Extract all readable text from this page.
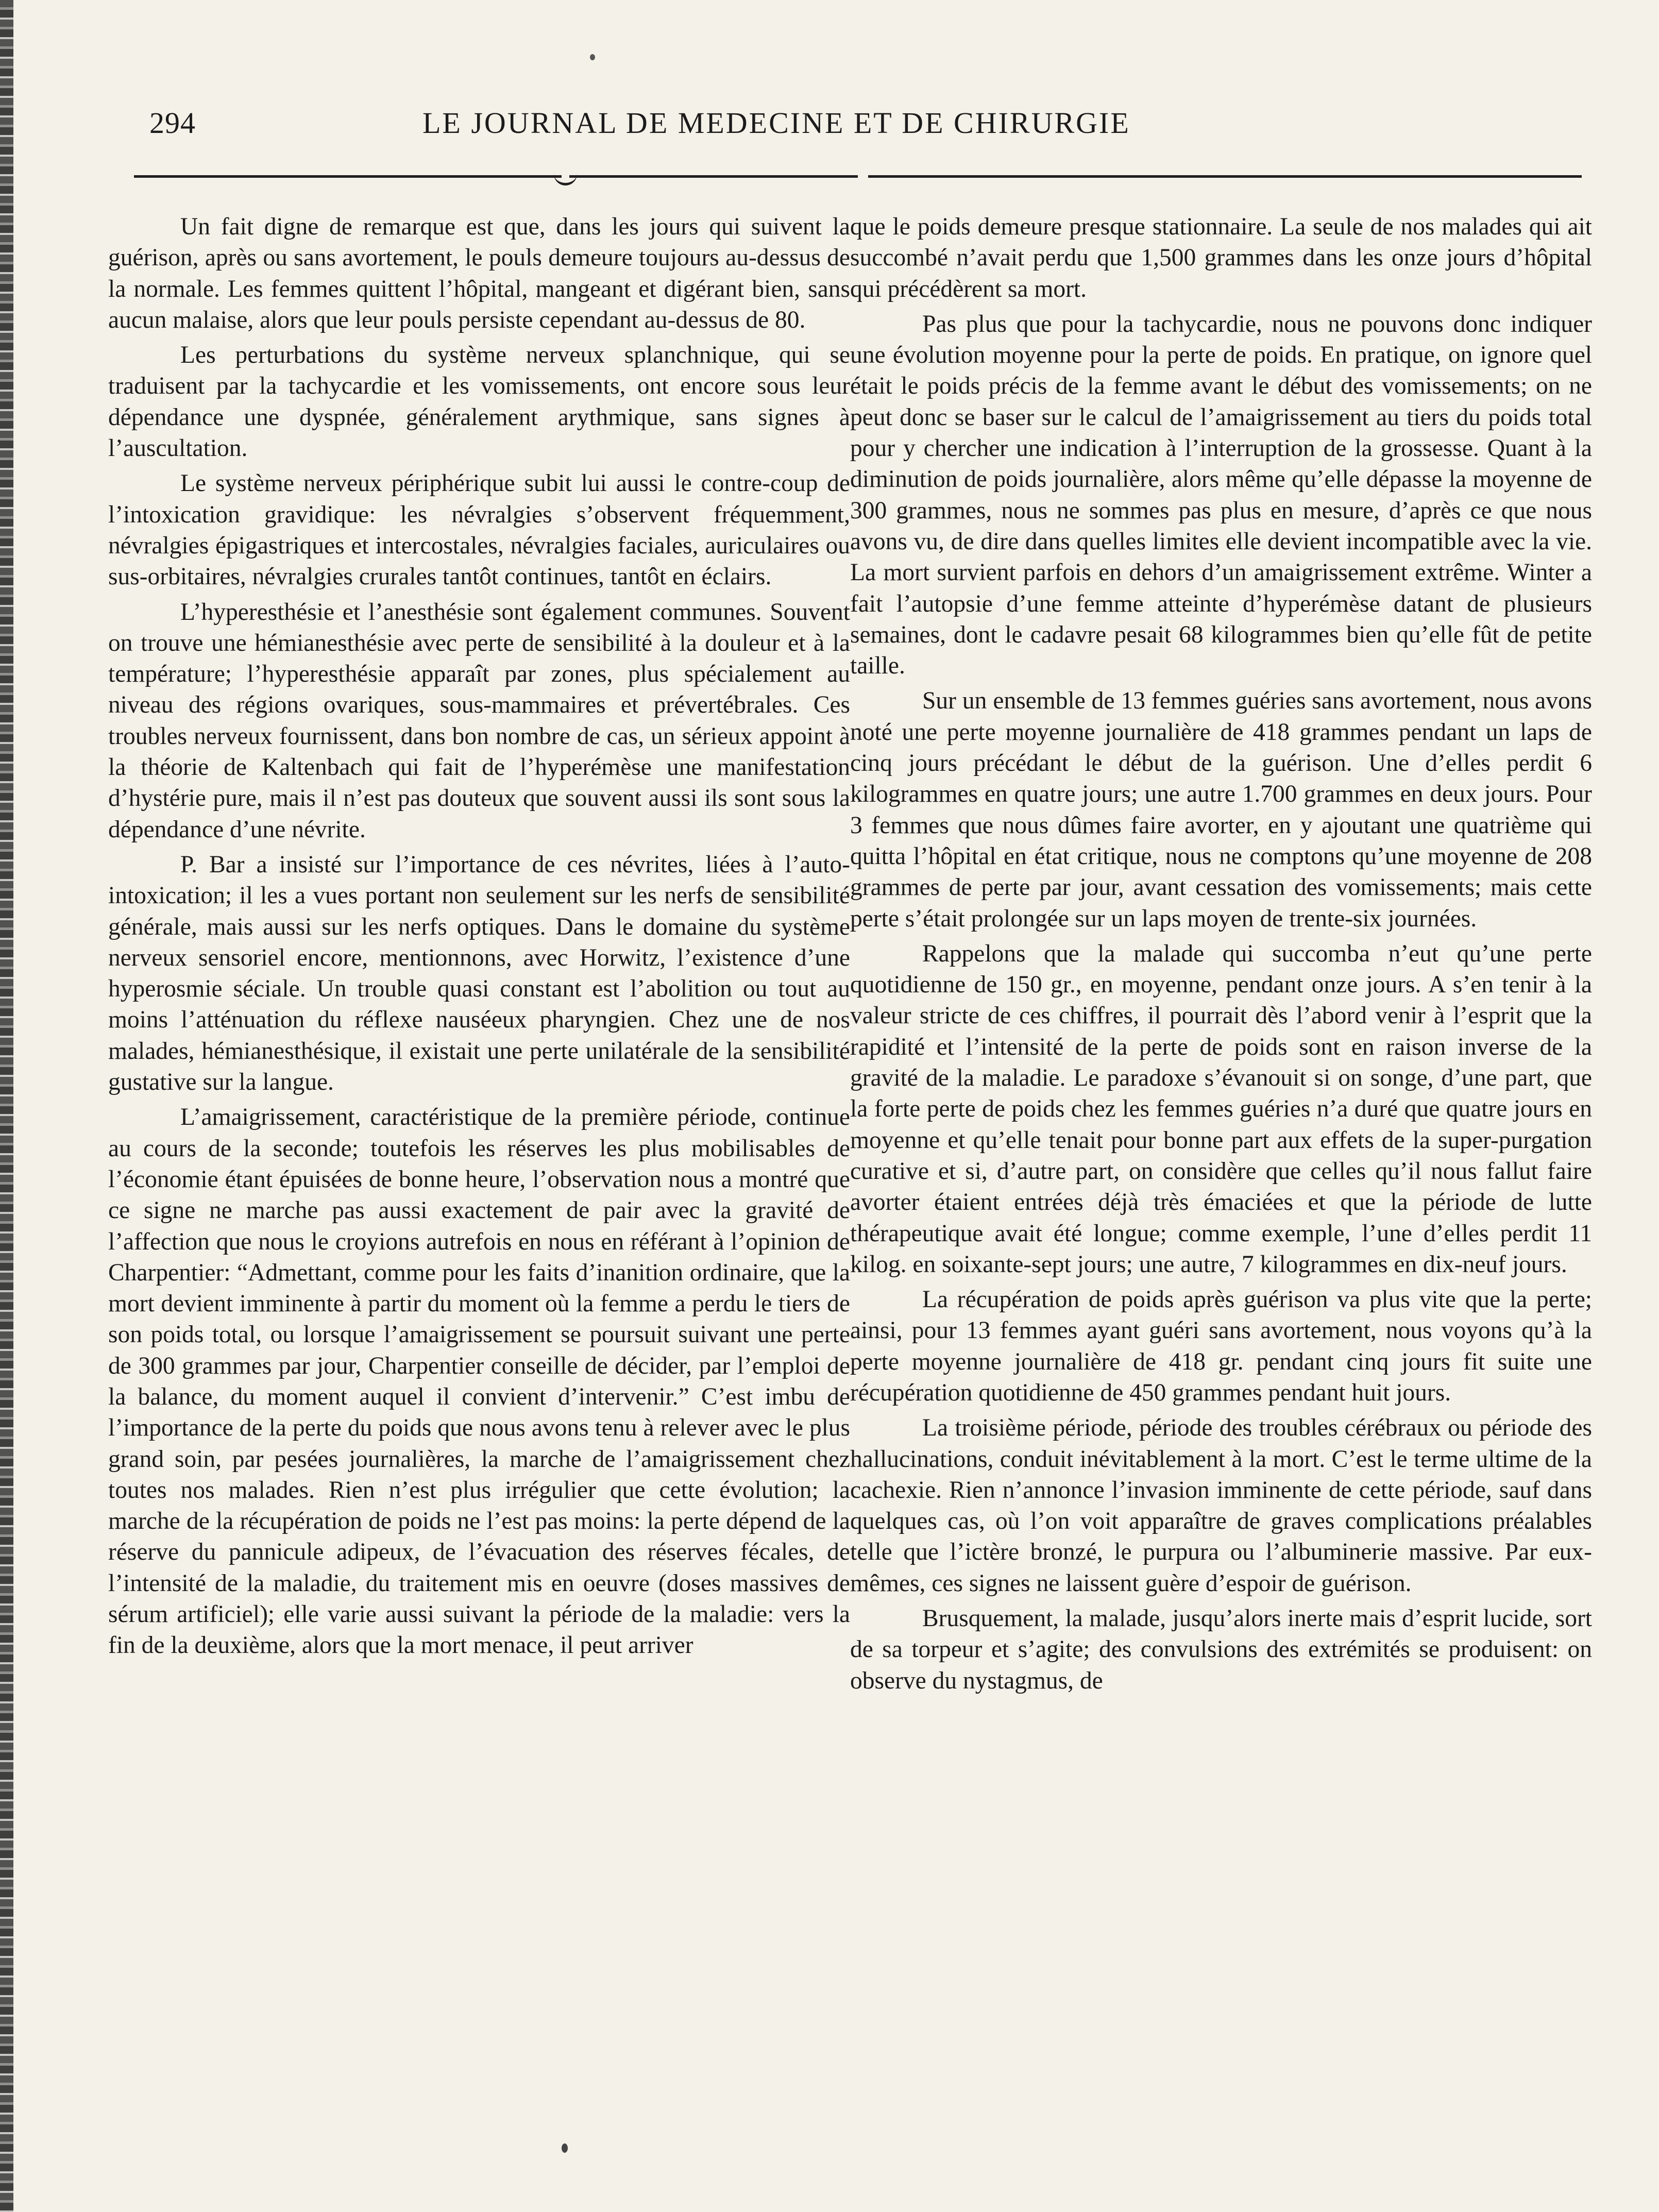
294	LE JOURNAL DE MEDECINE ET DE CHIRURGIE

Un fait digne de remarque est que, dans les jours qui suivent la guérison, après ou sans avortement, le pouls demeure toujours au-dessus de la normale. Les femmes quittent l’hôpital, mangeant et digérant bien, sans aucun malaise, alors que leur pouls persiste cependant au-dessus de 80.

Les perturbations du système nerveux splanchnique, qui se traduisent par la tachycardie et les vomissements, ont encore sous leur dépendance une dyspnée, généralement arythmique, sans signes à l’auscultation.

Le système nerveux périphérique subit lui aussi le contre-coup de l’intoxication gravidique: les névralgies s’observent fréquemment, névralgies épigastriques et intercostales, névralgies faciales, auriculaires ou sus-orbitaires, névralgies crurales tantôt continues, tantôt en éclairs.

L’hyperesthésie et l’anesthésie sont également communes. Souvent on trouve une hémianesthésie avec perte de sensibilité à la douleur et à la température; l’hyperesthésie apparaît par zones, plus spécialement au niveau des régions ovariques, sous-mammaires et prévertébrales. Ces troubles nerveux fournissent, dans bon nombre de cas, un sérieux appoint à la théorie de Kaltenbach qui fait de l’hyperémèse une manifestation d’hystérie pure, mais il n’est pas douteux que souvent aussi ils sont sous la dépendance d’une névrite.

P. Bar a insisté sur l’importance de ces névrites, liées à l’auto-intoxication; il les a vues portant non seulement sur les nerfs de sensibilité générale, mais aussi sur les nerfs optiques. Dans le domaine du système nerveux sensoriel encore, mentionnons, avec Horwitz, l’existence d’une hyperosmie séciale. Un trouble quasi constant est l’abolition ou tout au moins l’atténuation du réflexe nauséeux pharyngien. Chez une de nos malades, hémianesthésique, il existait une perte unilatérale de la sensibilité gustative sur la langue.

L’amaigrissement, caractéristique de la première période, continue au cours de la seconde; toutefois les réserves les plus mobilisables de l’économie étant épuisées de bonne heure, l’observation nous a montré que ce signe ne marche pas aussi exactement de pair avec la gravité de l’affection que nous le croyions autrefois en nous en référant à l’opinion de Charpentier: “Admettant, comme pour les faits d’inanition ordinaire, que la mort devient imminente à partir du moment où la femme a perdu le tiers de son poids total, ou lorsque l’amaigrissement se poursuit suivant une perte de 300 grammes par jour, Charpentier conseille de décider, par l’emploi de la balance, du moment auquel il convient d’intervenir.” C’est imbu de l’importance de la perte du poids que nous avons tenu à relever avec le plus grand soin, par pesées journalières, la marche de l’amaigrissement chez toutes nos malades. Rien n’est plus irrégulier que cette évolution; la marche de la récupération de poids ne l’est pas moins: la perte dépend de la réserve du pannicule adipeux, de l’évacuation des réserves fécales, de l’intensité de la maladie, du traitement mis en oeuvre (doses massives de sérum artificiel); elle varie aussi suivant la période de la maladie: vers la fin de la deuxième, alors que la mort menace, il peut arriver

que le poids demeure presque stationnaire. La seule de nos malades qui ait succombé n’avait perdu que 1,500 grammes dans les onze jours d’hôpital qui précédèrent sa mort.

Pas plus que pour la tachycardie, nous ne pouvons donc indiquer une évolution moyenne pour la perte de poids. En pratique, on ignore quel était le poids précis de la femme avant le début des vomissements; on ne peut donc se baser sur le calcul de l’amaigrissement au tiers du poids total pour y chercher une indication à l’interruption de la grossesse. Quant à la diminution de poids journalière, alors même qu’elle dépasse la moyenne de 300 grammes, nous ne sommes pas plus en mesure, d’après ce que nous avons vu, de dire dans quelles limites elle devient incompatible avec la vie. La mort survient parfois en dehors d’un amaigrissement extrême. Winter a fait l’autopsie d’une femme atteinte d’hyperémèse datant de plusieurs semaines, dont le cadavre pesait 68 kilogrammes bien qu’elle fût de petite taille.

Sur un ensemble de 13 femmes guéries sans avortement, nous avons noté une perte moyenne journalière de 418 grammes pendant un laps de cinq jours précédant le début de la guérison. Une d’elles perdit 6 kilogrammes en quatre jours; une autre 1.700 grammes en deux jours. Pour 3 femmes que nous dûmes faire avorter, en y ajoutant une quatrième qui quitta l’hôpital en état critique, nous ne comptons qu’une moyenne de 208 grammes de perte par jour, avant cessation des vomissements; mais cette perte s’était prolongée sur un laps moyen de trente-six journées.

Rappelons que la malade qui succomba n’eut qu’une perte quotidienne de 150 gr., en moyenne, pendant onze jours. A s’en tenir à la valeur stricte de ces chiffres, il pourrait dès l’abord venir à l’esprit que la rapidité et l’intensité de la perte de poids sont en raison inverse de la gravité de la maladie. Le paradoxe s’évanouit si on songe, d’une part, que la forte perte de poids chez les femmes guéries n’a duré que quatre jours en moyenne et qu’elle tenait pour bonne part aux effets de la super-purgation curative et si, d’autre part, on considère que celles qu’il nous fallut faire avorter étaient entrées déjà très émaciées et que la période de lutte thérapeutique avait été longue; comme exemple, l’une d’elles perdit 11 kilog. en soixante-sept jours; une autre, 7 kilogrammes en dix-neuf jours.

La récupération de poids après guérison va plus vite que la perte; ainsi, pour 13 femmes ayant guéri sans avortement, nous voyons qu’à la perte moyenne journalière de 418 gr. pendant cinq jours fit suite une récupération quotidienne de 450 grammes pendant huit jours.

La troisième période, période des troubles cérébraux ou période des hallucinations, conduit inévitablement à la mort. C’est le terme ultime de la cachexie. Rien n’annonce l’invasion imminente de cette période, sauf dans quelques cas, où l’on voit apparaître de graves complications préalables telle que l’ictère bronzé, le purpura ou l’albuminerie massive. Par eux-mêmes, ces signes ne laissent guère d’espoir de guérison.

Brusquement, la malade, jusqu’alors inerte mais d’esprit lucide, sort de sa torpeur et s’agite; des convulsions des extrémités se produisent: on observe du nystagmus, de
